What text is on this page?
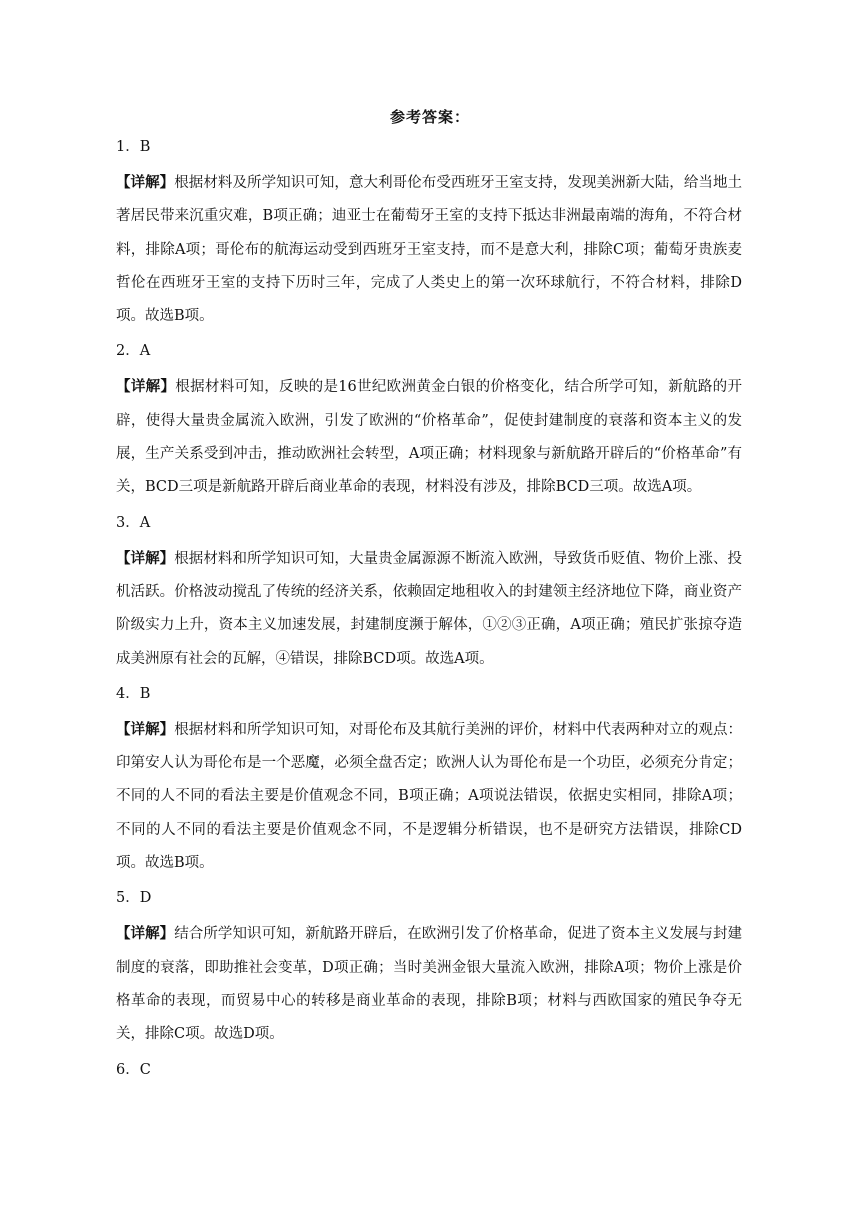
参考答案：
1．B
【详解】根据材料及所学知识可知，意大利哥伦布受西班牙王室支持，发现美洲新大陆，给当地土著居民带来沉重灾难，B项正确；迪亚士在葡萄牙王室的支持下抵达非洲最南端的海角，不符合材料，排除A项；哥伦布的航海运动受到西班牙王室支持，而不是意大利，排除C项；葡萄牙贵族麦哲伦在西班牙王室的支持下历时三年，完成了人类史上的第一次环球航行，不符合材料，排除D项。故选B项。
2．A
【详解】根据材料可知，反映的是16世纪欧洲黄金白银的价格变化，结合所学可知，新航路的开辟，使得大量贵金属流入欧洲，引发了欧洲的“价格革命”，促使封建制度的衰落和资本主义的发展，生产关系受到冲击，推动欧洲社会转型，A项正确；材料现象与新航路开辟后的“价格革命”有关，BCD三项是新航路开辟后商业革命的表现，材料没有涉及，排除BCD三项。故选A项。
3．A
【详解】根据材料和所学知识可知，大量贵金属源源不断流入欧洲，导致货币贬值、物价上涨、投机活跃。价格波动搅乱了传统的经济关系，依赖固定地租收入的封建领主经济地位下降，商业资产阶级实力上升，资本主义加速发展，封建制度濒于解体，①②③正确，A项正确；殖民扩张掠夺造成美洲原有社会的瓦解，④错误，排除BCD项。故选A项。
4．B
【详解】根据材料和所学知识可知，对哥伦布及其航行美洲的评价，材料中代表两种对立的观点：印第安人认为哥伦布是一个恶魔，必须全盘否定；欧洲人认为哥伦布是一个功臣，必须充分肯定；不同的人不同的看法主要是价值观念不同，B项正确；A项说法错误，依据史实相同，排除A项；不同的人不同的看法主要是价值观念不同，不是逻辑分析错误，也不是研究方法错误，排除CD项。故选B项。
5．D
【详解】结合所学知识可知，新航路开辟后，在欧洲引发了价格革命，促进了资本主义发展与封建制度的衰落，即助推社会变革，D项正确；当时美洲金银大量流入欧洲，排除A项；物价上涨是价格革命的表现，而贸易中心的转移是商业革命的表现，排除B项；材料与西欧国家的殖民争夺无关，排除C项。故选D项。
6．C
